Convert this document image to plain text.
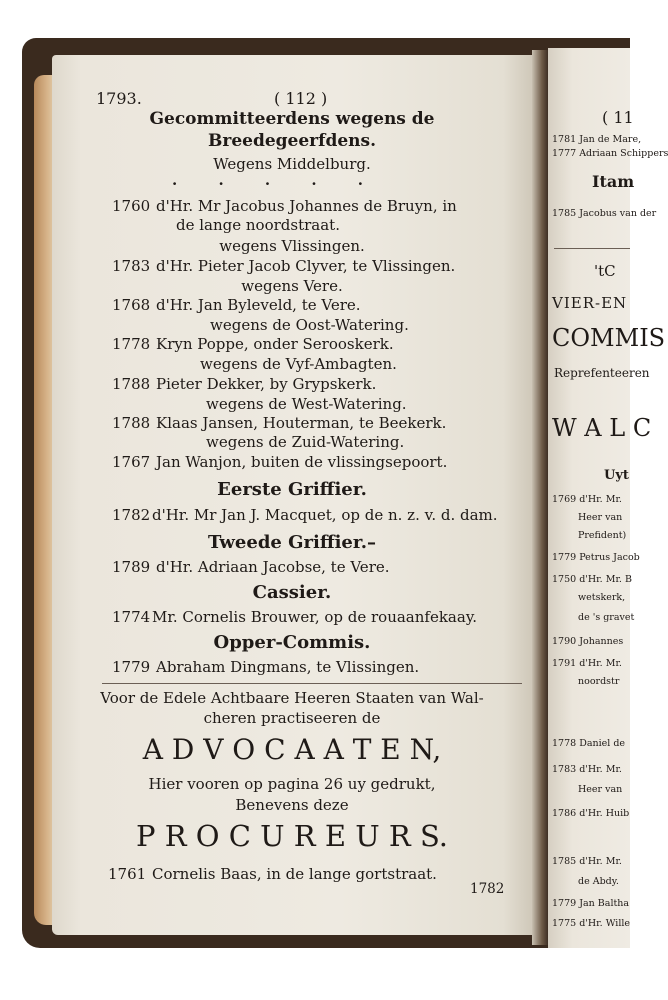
1793.	( 112 )
Gecommitteerdens wegens de
Breedegeerfdens.
Wegens Middelburg.
. . . . .
1760 d'Hr. Mr Jacobus Johannes de Bruyn, in
de lange noordstraat.
wegens Vlissingen.
1783 d'Hr. Pieter Jacob Clyver, te Vlissingen.
wegens Vere.
1768 d'Hr. Jan Byleveld, te Vere.
wegens de Oost-Watering.
1778 Kryn Poppe, onder Serooskerk.
wegens de Vyf-Ambagten.
1788 Pieter Dekker, by Grypskerk.
wegens de West-Watering.
1788 Klaas Jansen, Houterman, te Beekerk.
wegens de Zuid-Watering.
1767 Jan Wanjon, buiten de vlissingsepoort.
Eerste Griffier.
1782 d'Hr. Mr Jan J. Macquet, op de n. z. v. d. dam.
Tweede Griffier.–
1789 d'Hr. Adriaan Jacobse, te Vere.
Cassier.
1774 Mr. Cornelis Brouwer, op de rouaanfekaay.
Opper-Commis.
1779 Abraham Dingmans, te Vlissingen.
Voor de Edele Achtbaare Heeren Staaten van Wal-
cheren practiseeren de
A D V O C A A T E N,
Hier vooren op pagina 26 uy gedrukt,
Benevens deze
P R O C U R E U R S.
1761 Cornelis Baas, in de lange gortstraat.
1782
( 11
1781 Jan de Mare,
1777 Adriaan Schippers
Itam
1785 Jacobus van der
'tC
VIER-EN
COMMIS
Reprefenteeren
W A L C
Uyt
1769 d'Hr. Mr.
Heer van
Prefident)
1779 Petrus Jacob
1750 d'Hr. Mr. B
wetskerk,
de 's gravet
1790 Johannes
1791 d'Hr. Mr.
noordstr
1778 Daniel de
1783 d'Hr. Mr.
Heer van
1786 d'Hr. Huib
1785 d'Hr. Mr.
de Abdy.
1779 Jan Baltha
1775 d'Hr. Wille
